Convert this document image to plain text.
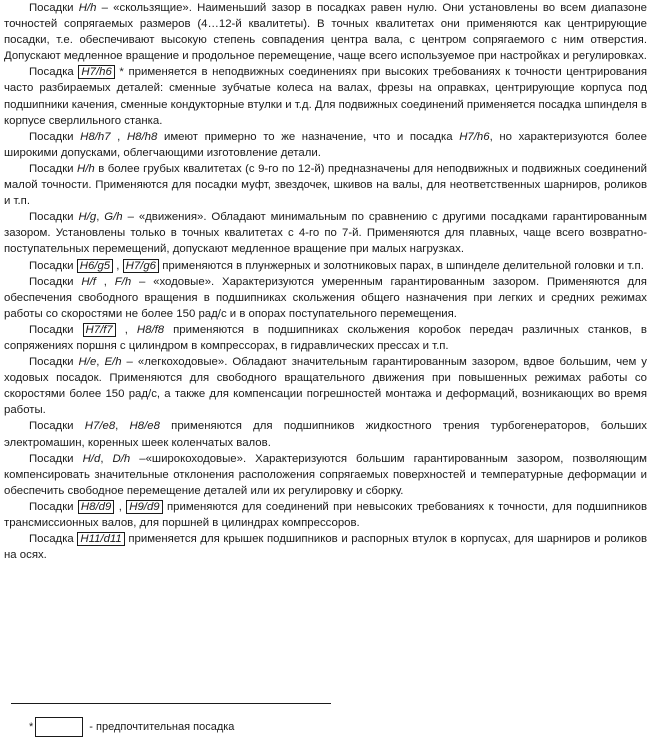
Посадки H/h – «скользящие». Наименьший зазор в посадках равен нулю. Они установлены во всем диапазоне точностей сопрягаемых размеров (4…12-й квалитеты). В точных квалитетах они применяются как центрирующие посадки, т.е. обеспечивают высокую степень совпадения центра вала, с центром сопрягаемого с ним отверстия. Допускают медленное вращение и продольное перемещение, чаще всего используемое при настройках и регулировках.

Посадка H7/h6 * применяется в неподвижных соединениях при высоких требованиях к точности центрирования часто разбираемых деталей: сменные зубчатые колеса на валах, фрезы на оправках, центрирующие корпуса под подшипники качения, сменные кондукторные втулки и т.д. Для подвижных соединений применяется посадка шпинделя в корпусе сверлильного станка.

Посадки H8/h7 , H8/h8 имеют примерно то же назначение, что и посадка H7/h6, но характеризуются более широкими допусками, облегчающими изготовление детали.

Посадки H/h в более грубых квалитетах (с 9-го по 12-й) предназначены для неподвижных и подвижных соединений малой точности. Применяются для посадки муфт, звездочек, шкивов на валы, для неответственных шарниров, роликов и т.п.

Посадки H/g, G/h – «движения». Обладают минимальным по сравнению с другими посадками гарантированным зазором. Установлены только в точных квалитетах с 4-го по 7-й. Применяются для плавных, чаще всего возвратно-поступательных перемещений, допускают медленное вращение при малых нагрузках.

Посадки H6/g5 , H7/g6 применяются в плунжерных и золотниковых парах, в шпинделе делительной головки и т.п.

Посадки H/f , F/h – «ходовые». Характеризуются умеренным гарантированным зазором. Применяются для обеспечения свободного вращения в подшипниках скольжения общего назначения при легких и средних режимах работы со скоростями не более 150 рад/с и в опорах поступательного перемещения.

Посадки H7/f7 , H8/f8 применяются в подшипниках скольжения коробок передач различных станков, в сопряжениях поршня с цилиндром в компрессорах, в гидравлических прессах и т.п.

Посадки H/e, E/h – «легкоходовые». Обладают значительным гарантированным зазором, вдвое большим, чем у ходовых посадок. Применяются для свободного вращательного движения при повышенных режимах работы со скоростями более 150 рад/с, а также для компенсации погрешностей монтажа и деформаций, возникающих во время работы.

Посадки H7/e8, H8/e8 применяются для подшипников жидкостного трения турбогенераторов, больших электромашин, коренных шеек коленчатых валов.

Посадки H/d, D/h –«широкоходовые». Характеризуются большим гарантированным зазором, позволяющим компенсировать значительные отклонения расположения сопрягаемых поверхностей и температурные деформации и обеспечить свободное перемещение деталей или их регулировку и сборку.

Посадки H8/d9 , H9/d9 применяются для соединений при невысоких требованиях к точности, для подшипников трансмиссионных валов, для поршней в цилиндрах компрессоров.

Посадка H11/d11 применяется для крышек подшипников и распорных втулок в корпусах, для шарниров и роликов на осях.

*	- предпочтительная посадка
